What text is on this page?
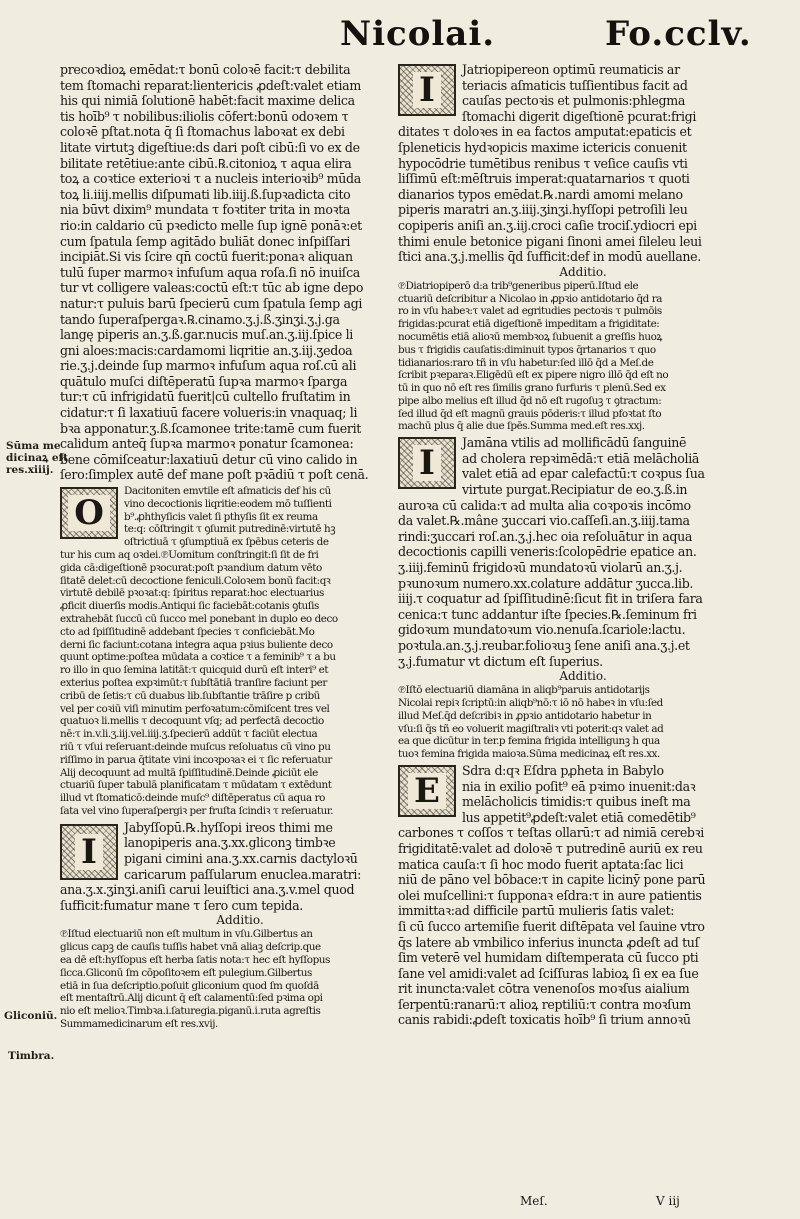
Nicolai.	Fo.cclv.
precoꝛdioꝝ emēdat:τ bonū coloꝛē facit:τ debilita
tem ſtomachi reparat:lientericis ꝓdeſt:valet etiam
his qui nimiā ſolutionē habēt:facit maxime delica
tis hoīb⁹ τ nobilibus:iliolis cōfert:bonū odoꝛem τ
coloꝛē pſtat.nota q̄ ſi ſtomachus laboꝛat ex debi
litate virtutꝫ digeſtiue:ds dari poſt cibū:ſi vo ex de
bilitate retētiue:ante cibū.℞.citonioꝝ τ aqua elira
toꝝ a coꝛtice exterioꝛi τ a nucleis interioꝛib⁹ mūda
toꝝ li.iiij.mellis diſpumati lib.iiij.ß.ſupꝛadicta cito
nia būvt dixim⁹ mundata τ foꝛtiter trita in moꝛta
rio:in caldario cū pꝛedicto melle ſup ignē ponāꝛ:et
cum ſpatula ſemp agitādo buliāt donec inſpiſſari
incipiāt.Si vis ſcire qn̄ coctū fuerit:ponaꝛ aliquan
tulū ſuper marmoꝛ infuſum aqua roſa.ſi nō inuiſca
tur vt colligere valeas:coctū eſt:τ tūc ab igne depo
natur:τ puluis barū ſpecierū cum ſpatula ſemp agi
tando ſuperaſpergaꝛ.℞.cinamo.ʒ.j.ß.ʒinʒi.ʒ.j.ga
langę piperis an.ʒ.ß.gar.nucis muſ.an.ʒ.iij.ſpice li
gni aloes:macis:cardamomi liqritie an.ʒ.iij.ʒedoa
rie.ʒ.j.deinde ſup marmoꝛ infuſum aqua roſ.cū ali
quātulo muſci diſtēperatū ſupꝛa marmoꝛ ſparga
tur:τ cū infrigidatū fuerit|cū cultello fruſtatim in
cidatur:τ ſi laxatiuū facere volueris:in vnaquaq; li
bꝛa apponatur.ʒ.ß.ſcamonee trite:tamē cum fuerit
calidum anteq̄ ſupꝛa marmoꝛ ponatur ſcamonea:
bene cōmiſceatur:laxatiuū detur cū vino calido in
ſero:ſimplex autē def mane poſt pꝛādiū τ poſt cenā.
O
Dacitoniten emvtile eſt aſmaticis def his cū
vino decoctionis liqritie:eodem mō tuſſienti
b⁹.ꝓhthyſicis valet ſi pthyſis ſit ex reuma
te:q: cōſtringit τ ꝯſumit putredinē:virtutē hꝫ
oſtrictiuā τ ꝯſumptiuā ex ſpēbus ceteris de
tur his cum aq oꝛdei.℗Uomitum conſtringit:ſi ſit de fri
gida cā:digeſtionē pꝛocurat:poſt pꝛandium datum vēto
ſitatē delet:cū decoctione feniculi.Coloꝛem bonū facit:qꝛ
virtutē debilē pꝛoꝛat:q: ſpiritus reparat:hoc electuarius
ꝓficit diuerſis modis.Antiqui ſic faciebāt:cotanis ꝯtuſis
extrahebāt ſuccū cū ſucco mel ponebant in duplo eo deco
cto ad ſpiſſitudinē addebant ſpecies τ conficiebāt.Mo
derni ſic faciunt:cotana integra aqua pꝛius buliente deco
quunt optime:poſtea mūdata a coꝛtice τ a feminib⁹ τ a bu
ro illo in quo ſemina latitāt:τ quicquid durū eſt interi⁹ et
exterius poſtea expꝛimūt:τ ſubſtātiā tranſire faciunt per
cribū de ſetis:τ cū duabus lib.ſubſtantie trāſire p cribū
vel per coꝛiū viſi minutim perfoꝛatum:cōmiſcent tres vel
quatuoꝛ li.mellis τ decoquunt vſq; ad perfectā decoctio
nē:τ in.v.li.ʒ.iij.vel.iiij.ʒ.ſpecierū addūt τ faciūt electua
riū τ vſui reſeruant:deinde muſcus reſoluatus cū vino pu
riſſimo in parua q̄titate vini incoꝛpoꝛaꝛ ei τ ſic referuatur
Alij decoquunt ad multā ſpiſſitudinē.Deinde ꝓiciūt ele
ctuariū ſuper tabulā planificatam τ mūdatam τ extēdunt
illud vt ſtomaticō:deinde muſc⁹ diſtēperatus cū aqua ro
ſata vel vino ſuperaſpergiꝛ per fruſta ſcindiꝛ τ reſeruatur.
I
Jabyſſopū.℞.hyſſopi ireos thimi me
lanopiperis ana.ʒ.xx.gliconꝫ timbꝛe
pigani cimini ana.ʒ.xx.carnis dactyloꝛū
caricarum paſſularum enuclea.maratri:
ana.ʒ.x.ʒinʒi.aniſi carui leuiſtici ana.ʒ.v.mel quod
ſufficit:fumatur mane τ ſero cum tepida.
Additio.
℗Iſtud electuariū non eſt multum in vſu.Gilbertus an
glicus capꝫ de cauſis tuſſis habet vnā aliaꝫ deſcrip.que
ea dē eſt:hyſſopus eſt herba ſatis nota:τ hec eſt hyſſopus
ſicca.Gliconū ſm cōpoſitoꝛem eſt pulegium.Gilbertus
etiā in ſua deſcriptio.poſuit gliconium quod ſm quoſdā
eſt mentaſtrū.Alij dicunt q̄ eſt calamentū:ſed pꝛima opi
nio eſt melioꝛ.Timbꝛa.i.ſaturegia.piganū.i.ruta agreſtis
Summamedicinarum eſt res.xvij.
Sūma me
dicinaꝝ eft
res.xiiij.
Gliconiū.
Timbra.
I
Jatriopipereon optimū reumaticis ar
teriacis aſmaticis tuſſientibus facit ad
cauſas pectoꝛis et pulmonis:phlegma
ſtomachi digerit digeſtionē pcurat:frigi
ditates τ doloꝛes in ea factos amputat:epaticis et
ſpleneticis hydꝛopicis maxime ictericis conuenit
hypocōdrie tumētibus renibus τ veſice cauſis vti
liſſimū eſt:mēſtruis imperat:quatarnarios τ quoti
dianarios typos emēdat.℞.nardi amomi melano
piperis maratri an.ʒ.iiij.ʒinʒi.hyſſopi petroſili leu
copiperis aniſi an.ʒ.iij.croci caſie trociſ.ydiocri epi
thimi enule betonice pigani ſinoni amei ſileleu leui
ſtici ana.ʒ.j.mellis q̄d ſufficit:def in modū auellane.
Additio.
℗Diatriopiperō d:a trib⁹generibus piperū.Iſtud ele
ctuariū deſcribitur a Nicolao in ꝓpꝛio antidotario q̄d ra
ro in vſu habeꝛ:τ valet ad egritudies pectoꝛis τ pulmōis
frigidas:pcurat etiā digeſtionē impeditam a frigiditate:
nocumētis etiā alioꝛū membꝛoꝝ ſubuenit a greſſis huoꝝ
bus τ frigidis cauſatis:diminuit typos q̄rtanarios τ quo
tidianarios:raro tñ in vſu habetur:ſed illō q̄d a Meſ.de
ſcribit pꝛeparaꝛ.Eligēdū eſt ex pipere nigro illō q̄d eſt no
tū in quo nō eſt res ſimilis grano furfuris τ plenū.Sed ex
pipe albo melius eſt illud q̄d nō eſt rugoſuꝫ τ ꝯtractum:
ſed illud q̄d eſt magnū grauis pōderis:τ illud pfoꝛtat ſto
machū plus q̄ alie due ſpēs.Summa med.eſt res.xxj.
I
Jamāna vtilis ad mollificādū ſanguinē
ad cholera repꝛimēdā:τ etiā melācholiā
valet etiā ad epar calefactū:τ coꝛpus ſua
virtute purgat.Recipiatur de eo.ʒ.ß.in
auroꝛa cū calida:τ ad multa alia coꝛpoꝛis incōmo
da valet.℞.mâne ʒuccari vio.caſſeſi.an.ʒ.iiij.tama
rindi:ʒuccari roſ.an.ʒ.j.hec oia reſoluātur in aqua
decoctionis capilli veneris:ſcolopēdrie epatice an.
ʒ.iiij.feminū frigidoꝛū mundatoꝛū violarū an.ʒ.j.
pꝛunoꝛum numero.xx.colature addātur ʒucca.lib.
iiij.τ coquatur ad ſpiſſitudinē:ſicut fit in triſera fara
cenica:τ tunc addantur iſte ſpecies.℞.ſeminum fri
gidoꝛum mundatoꝛum vio.nenuſa.ſcariole:lactu.
poꝛtula.an.ʒ.j.reubar.folioꝛuꝫ ſene aniſi ana.ʒ.j.et
ʒ.j.fumatur vt dictum eſt ſuperius.
Additio.
℗Iſtō electuariū diamāna in aliqb⁹paruis antidotarijs
Nicolai repiꝛ ſcriptū:in aliqb⁹nō:τ iō nō habeꝛ in vſu:ſed
illud Meſ.q̄d deſcribiꝛ in ꝓpꝛio antidotario habetur in
vſu:ſi q̄s tñ eo voluerit magiſtraliꝛ vti poterit:qꝛ valet ad
ea que dicūtur in ter.p femina frigida intelligunꝫ h̄ qua
tuoꝛ femina frigida maioꝛa.Sūma medicinaꝝ eſt res.xx.
E
Sdra d:qꝛ Eſdra pꝓheta in Babylo
nia in exilio poſit⁹ eā pꝛimo inuenit:daꝛ
melācholicis timidis:τ quibus ineſt ma
lus appetit⁹ꝓdeſt:valet etiā comedētib⁹
carbones τ coſſos τ teſtas ollarū:τ ad nimiā cerebꝛi
frigiditatē:valet ad doloꝛē τ putredinē auriū ex reu
matica cauſa:τ ſi hoc modo fuerit aptata:ſac lici
niū de pāno vel bōbace:τ in capite licinȳ pone parū
olei muſcellini:τ ſupponaꝛ eſdra:τ in aure patientis
immittaꝛ:ad difficile partū mulieris ſatis valet:
ſi cū ſucco artemiſie fuerit diſtēpata vel ſauine vtro
q̄s latere ab vmbilico inferius inuncta ꝓdeſt ad tuſ
ſim veterē vel humidam diſtemperata cū ſucco pti
ſane vel amidi:valet ad ſciſſuras labioꝝ ſi ex ea ſue
rit inuncta:valet cōtra venenoſos moꝛſus aialium
ſerpentū:ranarū:τ alioꝝ reptiliū:τ contra moꝛſum
canis rabidi:ꝓdeſt toxicatis hoīb⁹ ſi trium annoꝛū
Meſ.	V iij
